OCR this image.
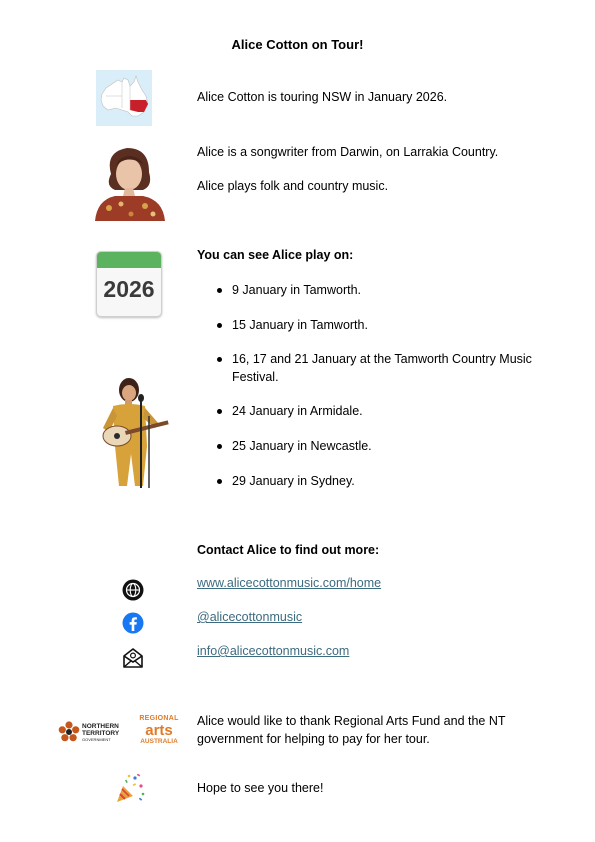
Alice Cotton on Tour!
Alice Cotton is touring NSW in January 2026.
Alice is a songwriter from Darwin, on Larrakia Country.
Alice plays folk and country music.
2026
You can see Alice play on:
9 January in Tamworth.
15 January in Tamworth.
16, 17 and 21 January at the Tamworth Country Music Festival.
24 January in Armidale.
25 January in Newcastle.
29 January in Sydney.
Contact Alice to find out more:
www.alicecottonmusic.com/home
@alicecottonmusic
info@alicecottonmusic.com
NORTHERN
TERRITORY
GOVERNMENT
REGIONAL
arts
AUSTRALIA
Alice would like to thank Regional Arts Fund and the NT government for helping to pay for her tour.
Hope to see you there!
